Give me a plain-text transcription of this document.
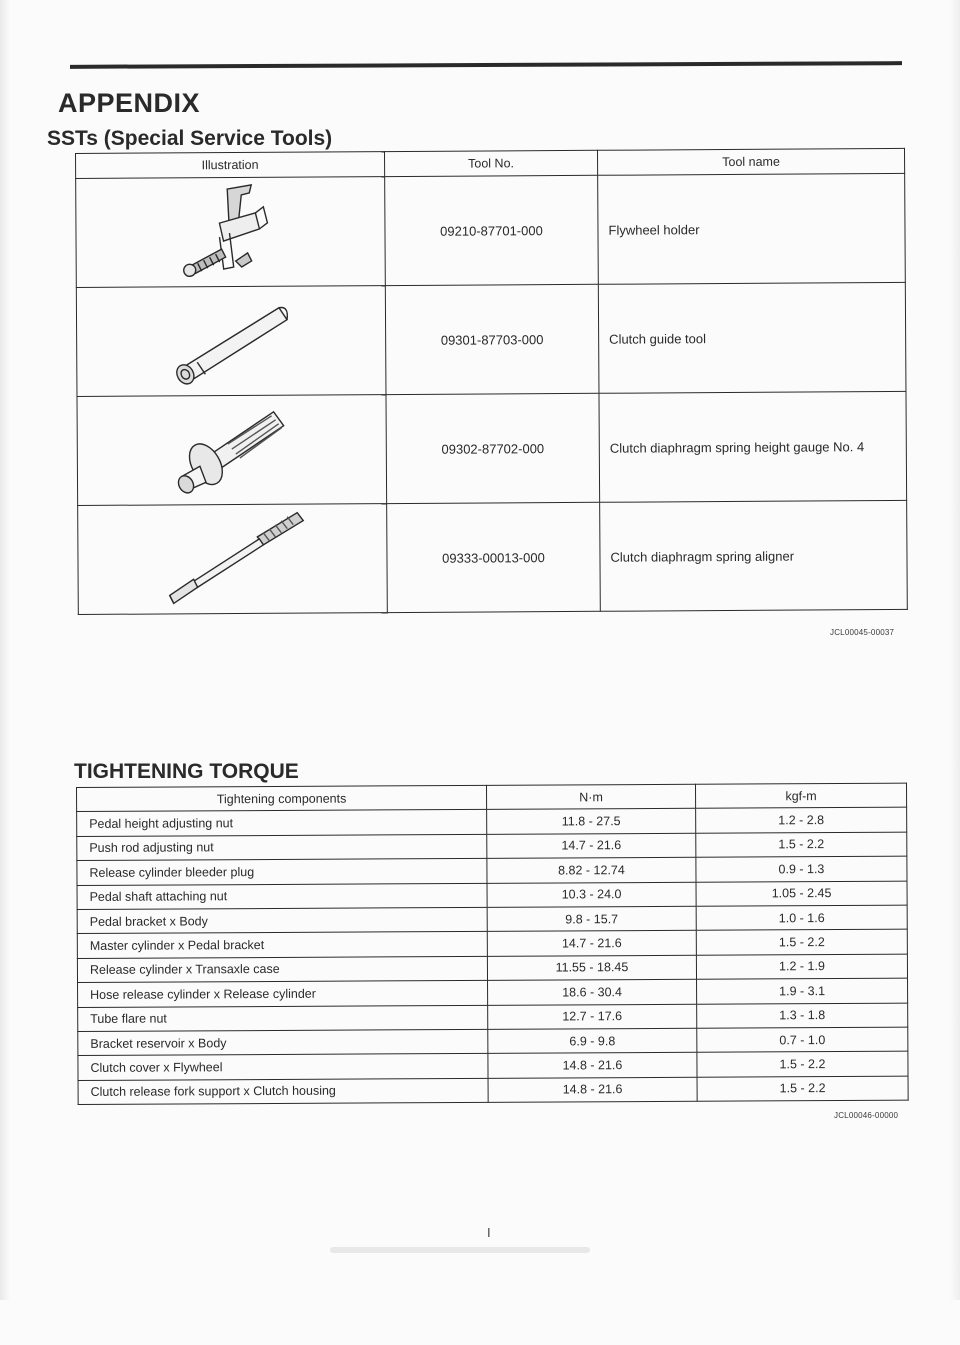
APPENDIX
SSTs (Special Service Tools)
Illustration	Tool No.	Tool name

	09210-87701-000	Flywheel holder

	09301-87703-000	Clutch guide tool

	09302-87702-000	Clutch diaphragm spring height gauge No. 4

	09333-00013-000	Clutch diaphragm spring aligner
JCL00045-00037
TIGHTENING TORQUE
Tightening components	N·m	kgf-m
Pedal height adjusting nut	11.8 - 27.5	1.2 - 2.8
Push rod adjusting nut	14.7 - 21.6	1.5 - 2.2
Release cylinder bleeder plug	8.82 - 12.74	0.9 - 1.3
Pedal shaft attaching nut	10.3 - 24.0	1.05 - 2.45
Pedal bracket x Body	9.8 - 15.7	1.0 - 1.6
Master cylinder x Pedal bracket	14.7 - 21.6	1.5 - 2.2
Release cylinder x Transaxle case	11.55 - 18.45	1.2 - 1.9
Hose release cylinder x Release cylinder	18.6 - 30.4	1.9 - 3.1
Tube flare nut	12.7 - 17.6	1.3 - 1.8
Bracket reservoir x Body	6.9 - 9.8	0.7 - 1.0
Clutch cover x Flywheel	14.8 - 21.6	1.5 - 2.2
Clutch release fork support x Clutch housing	14.8 - 21.6	1.5 - 2.2
JCL00046-00000
I
